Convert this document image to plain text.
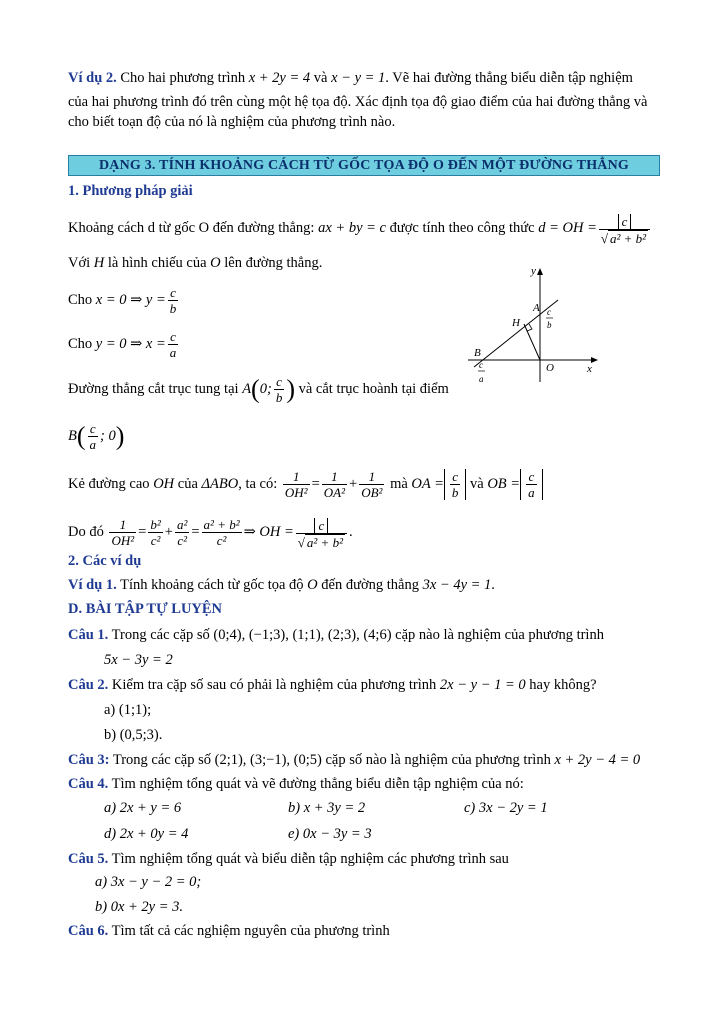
Ví dụ 2. Cho hai phương trình x + 2y = 4 và x − y = 1. Vẽ hai đường thẳng biểu diễn tập nghiệm
của hai phương trình đó trên cùng một hệ tọa độ. Xác định tọa độ giao điểm của hai đường thẳng và
cho biết toạn độ của nó là nghiệm của phương trình nào.
DẠNG 3. TÍNH KHOẢNG CÁCH TỪ GỐC TỌA ĐỘ O ĐẾN MỘT ĐƯỜNG THẲNG
1. Phương pháp giải
Khoảng cách d từ gốc O đến đường thẳng: ax + by = c được tính theo công thức d = OH = $\frac{c}{\text{√ a² + b²}}$
Với H là hình chiếu của O lên đường thẳng.
Cho x = 0 ⇒ $y = \frac{c}{b}$
Cho y = 0 ⇒ $x = \frac{c}{a}$
Đường thẳng cắt trục tung tại A(0; $\frac{c}{b}$ ) và cắt trục hoành tại điểm
$B( \frac{c}{a}$ ; 0)
Kẻ đường cao OH của ΔABO, ta có: $\frac{1}{\text{OH²}} = \frac{1}{\text{OA²}} + \frac{1}{\text{OB²}}$ mà OA = $\frac{c}{b}$ và OB = $\frac{c}{a}$
Do đó $\frac{1}{\text{OH²}} = \frac{\text{b²}}{\text{c²}} + \frac{\text{a²}}{\text{c²}} = \frac{\text{a² + b²}}{\text{c²}}$ ⇒ OH = $\frac{c}{\text{√ a² + b²}}$ .
y
x
A
H
B
O
c
b
c
a
2. Các ví dụ
Ví dụ 1. Tính khoảng cách từ gốc tọa độ O đến đường thẳng 3x − 4y = 1.
D. BÀI TẬP TỰ LUYỆN
Câu 1. Trong các cặp số (0;4), (−1;3), (1;1), (2;3), (4;6) cặp nào là nghiệm của phương trình
5x − 3y = 2
Câu 2. Kiểm tra cặp số sau có phải là nghiệm của phương trình 2x − y − 1 = 0 hay không?
a) (1;1);
b) (0,5;3).
Câu 3: Trong các cặp số (2;1), (3;−1), (0;5) cặp số nào là nghiệm của phương trình x + 2y − 4 = 0
Câu 4. Tìm nghiệm tổng quát và vẽ đường thẳng biểu diễn tập nghiệm của nó:
a) 2x + y = 6	b) x + 3y = 2	c) 3x − 2y = 1
d) 2x + 0y = 4	e) 0x − 3y = 3
Câu 5. Tìm nghiệm tổng quát và biểu diễn tập nghiệm các phương trình sau
a) 3x − y − 2 = 0;
b) 0x + 2y = 3.
Câu 6. Tìm tất cả các nghiệm nguyên của phương trình
